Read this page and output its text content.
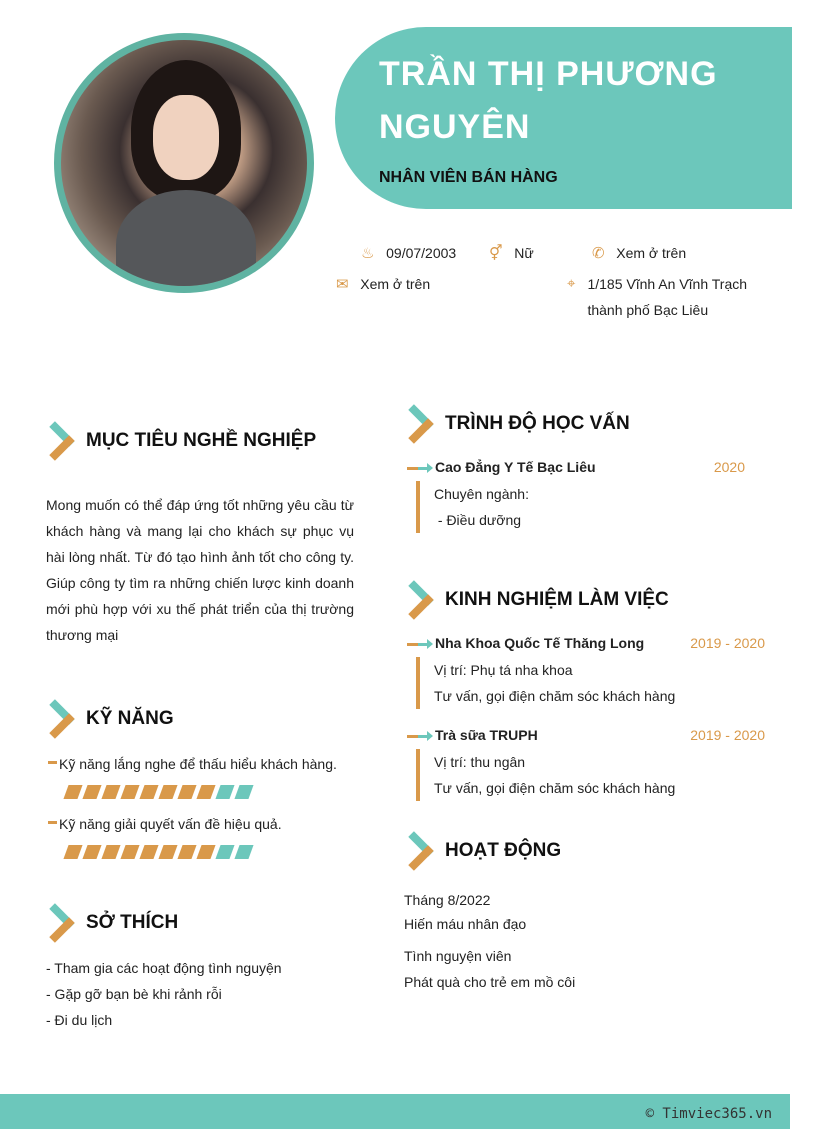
TRẦN THỊ PHƯƠNG NGUYÊN
NHÂN VIÊN BÁN HÀNG
♨ 09/07/2003 ⚥ Nữ	✆ Xem ở trên
✉ Xem ở trên	⌖ 1/185 Vĩnh An Vĩnh Trạch thành phố Bạc Liêu
MỤC TIÊU NGHỀ NGHIỆP
Mong muốn có thể đáp ứng tốt những yêu cầu từ khách hàng và mang lại cho khách sự phục vụ hài lòng nhất. Từ đó tạo hình ảnh tốt cho công ty. Giúp công ty tìm ra những chiến lược kinh doanh mới phù hợp với xu thế phát triển của thị trường thương mại
KỸ NĂNG
Kỹ năng lắng nghe để thấu hiểu khách hàng.
Kỹ năng giải quyết vấn đề hiệu quả.
SỞ THÍCH
- Tham gia các hoạt động tình nguyện
- Gặp gỡ bạn bè khi rảnh rỗi
- Đi du lịch
TRÌNH ĐỘ HỌC VẤN
Cao Đẳng Y Tế Bạc Liêu	2020
Chuyên ngành:
- Điều dưỡng
KINH NGHIỆM LÀM VIỆC
Nha Khoa Quốc Tế Thăng Long	2019 - 2020
Vị trí: Phụ tá nha khoa
Tư vấn, gọi điện chăm sóc khách hàng
Trà sữa TRUPH	2019 - 2020
Vị trí: thu ngân
Tư vấn, gọi điện chăm sóc khách hàng
HOẠT ĐỘNG
Tháng 8/2022
Hiến máu nhân đạo
Tình nguyện viên
Phát quà cho trẻ em mồ côi
© Timviec365.vn
